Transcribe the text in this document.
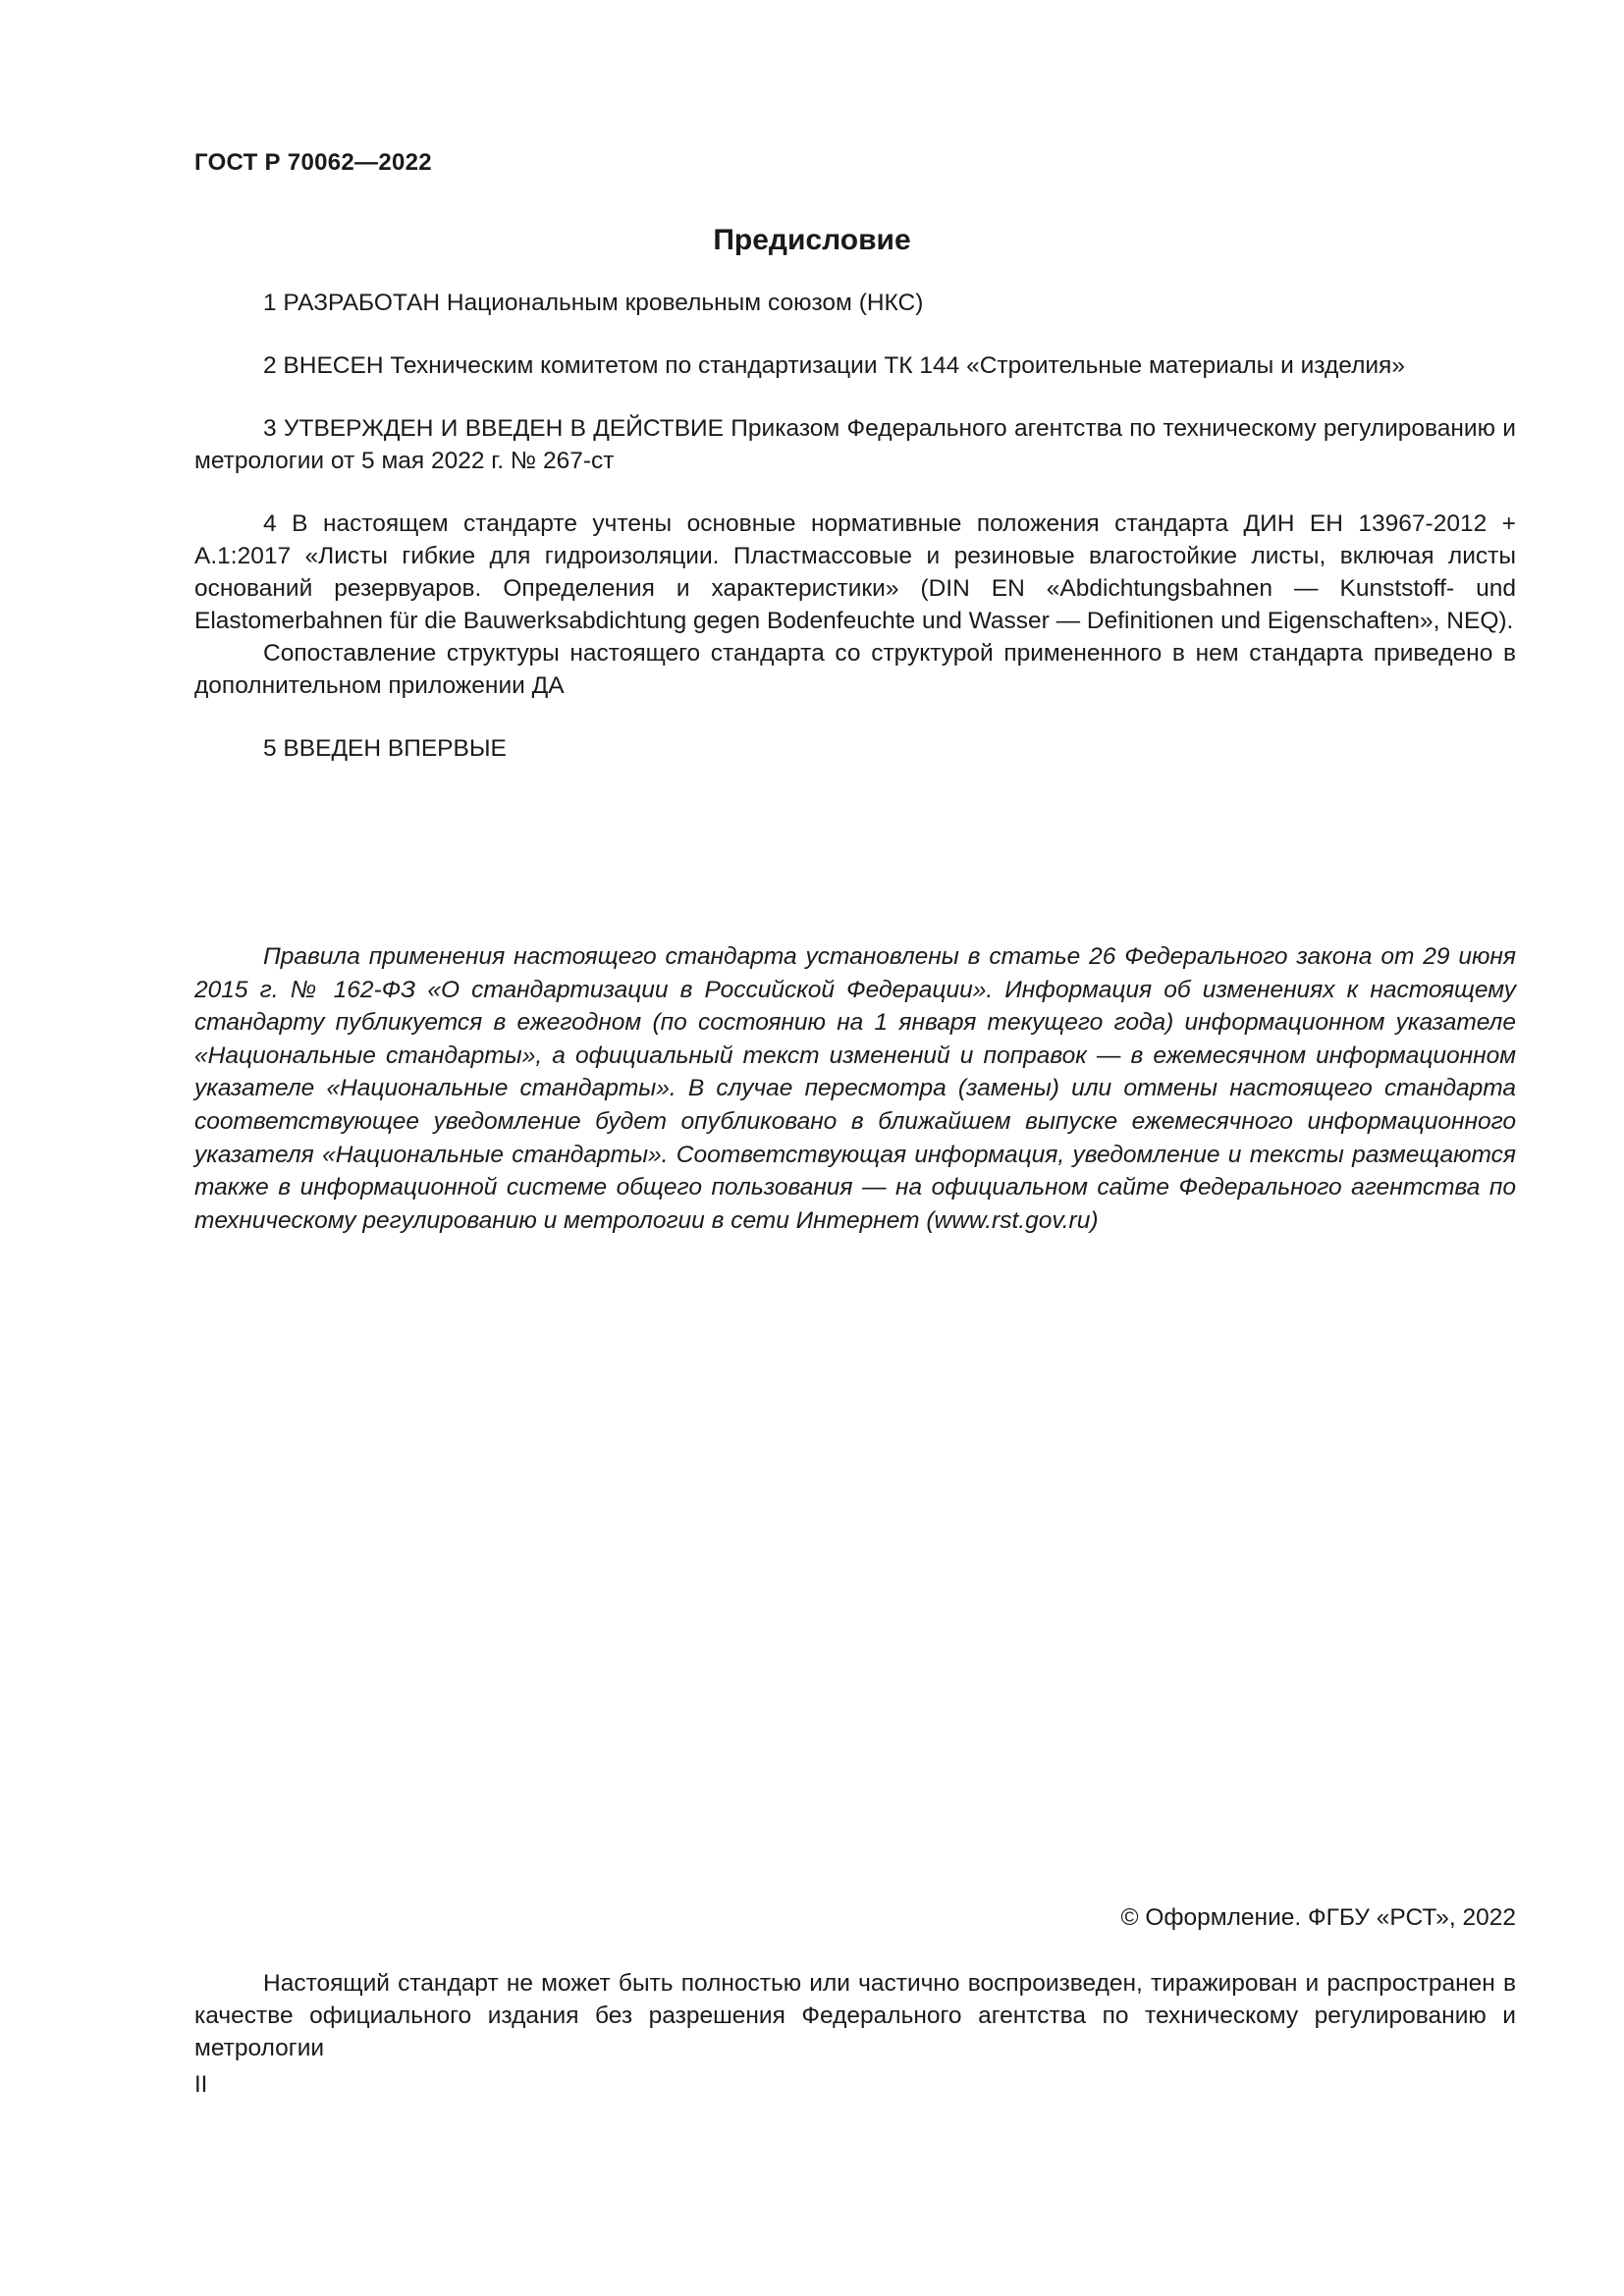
ГОСТ Р 70062—2022
Предисловие

1 РАЗРАБОТАН Национальным кровельным союзом (НКС)

2 ВНЕСЕН Техническим комитетом по стандартизации ТК 144 «Строительные материалы и изделия»

3 УТВЕРЖДЕН И ВВЕДЕН В ДЕЙСТВИЕ Приказом Федерального агентства по техническому регулированию и метрологии от 5 мая 2022 г. № 267-ст

4 В настоящем стандарте учтены основные нормативные положения стандарта ДИН ЕН 13967-2012 + А.1:2017 «Листы гибкие для гидроизоляции. Пластмассовые и резиновые влагостойкие листы, включая листы оснований резервуаров. Определения и характеристики» (DIN EN «Abdichtungsbahnen — Kunststoff- und Elastomerbahnen für die Bauwerksabdichtung gegen Bodenfeuchte und Wasser — Definitionen und Eigenschaften», NEQ).

Сопоставление структуры настоящего стандарта со структурой примененного в нем стандарта приведено в дополнительном приложении ДА

5 ВВЕДЕН ВПЕРВЫЕ

Правила применения настоящего стандарта установлены в статье 26 Федерального закона от 29 июня 2015 г. № 162-ФЗ «О стандартизации в Российской Федерации». Информация об изменениях к настоящему стандарту публикуется в ежегодном (по состоянию на 1 января текущего года) информационном указателе «Национальные стандарты», а официальный текст изменений и поправок — в ежемесячном информационном указателе «Национальные стандарты». В случае пересмотра (замены) или отмены настоящего стандарта соответствующее уведомление будет опубликовано в ближайшем выпуске ежемесячного информационного указателя «Национальные стандарты». Соответствующая информация, уведомление и тексты размещаются также в информационной системе общего пользования — на официальном сайте Федерального агентства по техническому регулированию и метрологии в сети Интернет (www.rst.gov.ru)

© Оформление. ФГБУ «РСТ», 2022

Настоящий стандарт не может быть полностью или частично воспроизведен, тиражирован и распространен в качестве официального издания без разрешения Федерального агентства по техническому регулированию и метрологии

II
